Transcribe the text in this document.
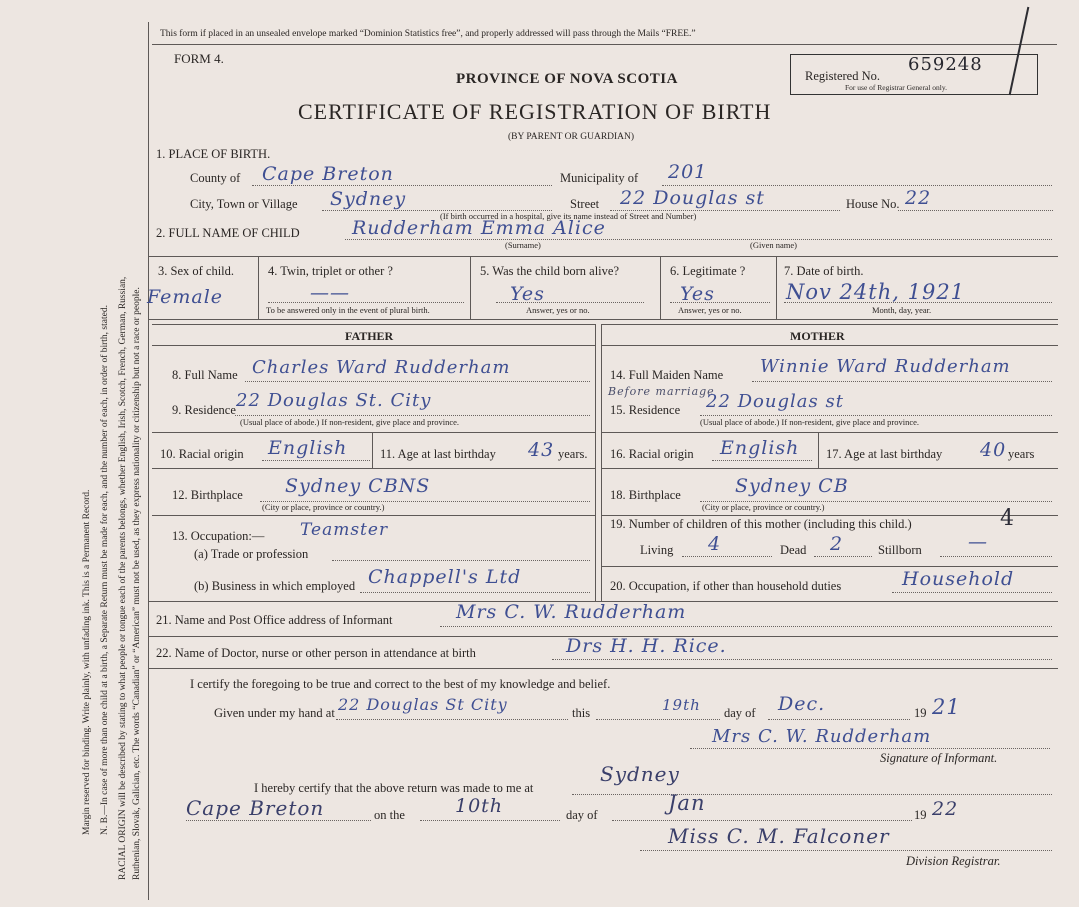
Margin reserved for binding. Write plainly, with unfading ink. This is a Permanent Record. N. B.—In case of more than one child at a birth, a Separate Return must be made for each, and the number of each, in order of birth, stated. RACIAL ORIGIN will be described by stating to what people or tongue each of the parents belongs, whether English, Irish, Scotch, French, German, Russian, Ruthenian, Slovak, Galician, etc. The words “Canadian” or “American” must not be used, as they express nationality or citizenship but not a race or people.
This form if placed in an unsealed envelope marked “Dominion Statistics free”, and properly addressed will pass through the Mails “FREE.”
FORM 4.
PROVINCE OF NOVA SCOTIA
CERTIFICATE OF REGISTRATION OF BIRTH
(BY PARENT OR GUARDIAN)
Registered No.
For use of Registrar General only.
659248
1. PLACE OF BIRTH.
County of Cape Breton	Municipality of 201
City, Town or Village Sydney	Street 22 Douglas st	House No. 22
(If birth occurred in a hospital, give its name instead of Street and Number)
2. FULL NAME OF CHILD	Rudderham Emma Alice
(Surname)	(Given name)
3. Sex of child.
Female
4. Twin, triplet or other ?
——
To be answered only in the event of plural birth.
5. Was the child born alive?
Yes
Answer, yes or no.
6. Legitimate ?
Yes
Answer, yes or no.
7. Date of birth.
Nov 24th, 1921
Month, day, year.
FATHER
8. Full Name Charles Ward Rudderham
9. Residence 22 Douglas St. City
(Usual place of abode.) If non-resident, give place and province.
10. Racial origin English	11. Age at last birthday 43 years.
12. Birthplace Sydney CBNS
(City or place, province or country.)
13. Occupation:— Teamster
(a) Trade or profession
(b) Business in which employed Chappell's Ltd
MOTHER
14. Full Maiden Name Winnie Ward Rudderham
Before marriage
15. Residence 22 Douglas st
(Usual place of abode.) If non-resident, give place and province.
16. Racial origin English 17. Age at last birthday 40 years
18. Birthplace	Sydney CB
(City or place, province or country.)
19. Number of children of this mother (including this child.)	4
Living 4	Dead 2	Stillborn —
20. Occupation, if other than household duties	Household
21. Name and Post Office address of Informant	Mrs C. W. Rudderham
22. Name of Doctor, nurse or other person in attendance at birth	Drs H. H. Rice.
I certify the foregoing to be true and correct to the best of my knowledge and belief.
Given under my hand at 22 Douglas St City	this	19th day of Dec.	19 21
Mrs C. W. Rudderham
Signature of Informant.
I hereby certify that the above return was made to me at
Sydney
Cape Breton	on the	10th	day of	Jan	19 22
Miss C. M. Falconer
Division Registrar.
